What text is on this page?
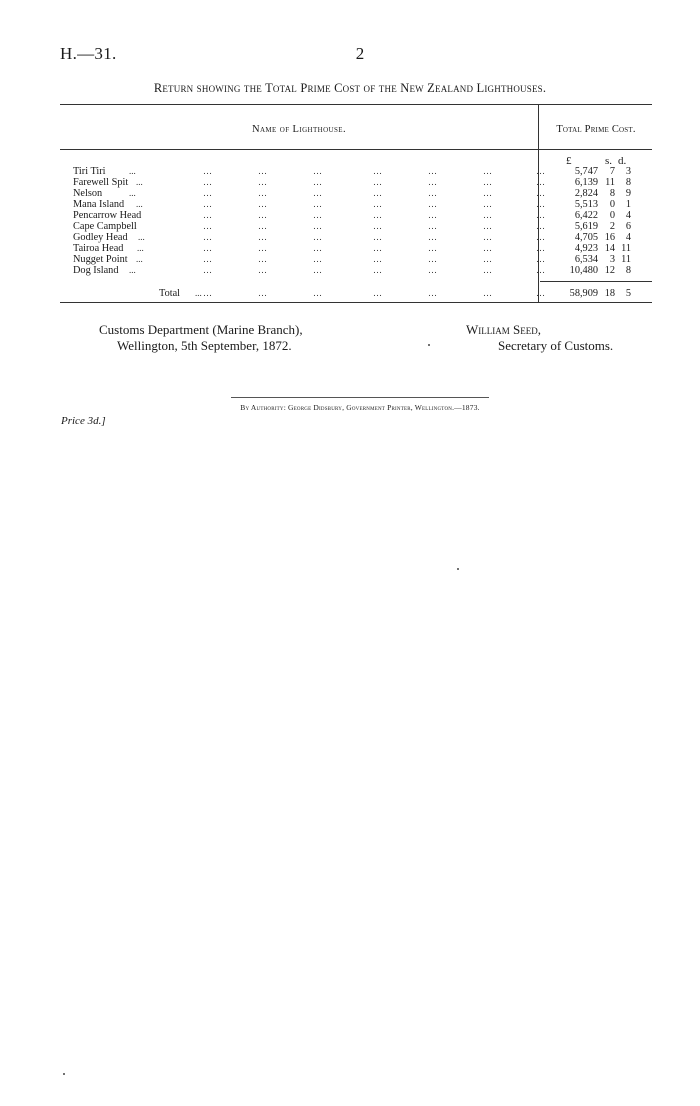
H.—31.	2
Return showing the Total Prime Cost of the New Zealand Lighthouses.
Name of Lighthouse.	Total Prime Cost.
£	s. d.
Tiri Tiri	...	5,747	7	3
…	…	…	…	…	…	…
Farewell Spit ...	6,139 11	8
…	…	…	…	…	…	…
Nelson	...	2,824	8	9
…	…	…	…	…	…	…
Mana Island ...	5,513	0	1
…	…	…	…	…	…	…
Pencarrow Head	6,422	0	4
…	…	…	…	…	…	…
Cape Campbell	5,619	2	6
…	…	…	…	…	…	…
Godley Head ...	4,705 16	4
…	…	…	…	…	…	…
Tairoa Head ...	4,923 14 11
…	…	…	…	…	…	…
Nugget Point ...	6,534	3 11
…	…	…	…	…	…	…
Dog Island ...	10,480 12	8
…	…	…	…	…	…	…
Total ...	58,909 18	5
…	…	…	…	…	…	…
Customs Department (Marine Branch),
Wellington, 5th September, 1872.
William Seed,
Secretary of Customs.
By Authority: George Didsbury, Government Printer, Wellington.—1873.
Price 3d.]
